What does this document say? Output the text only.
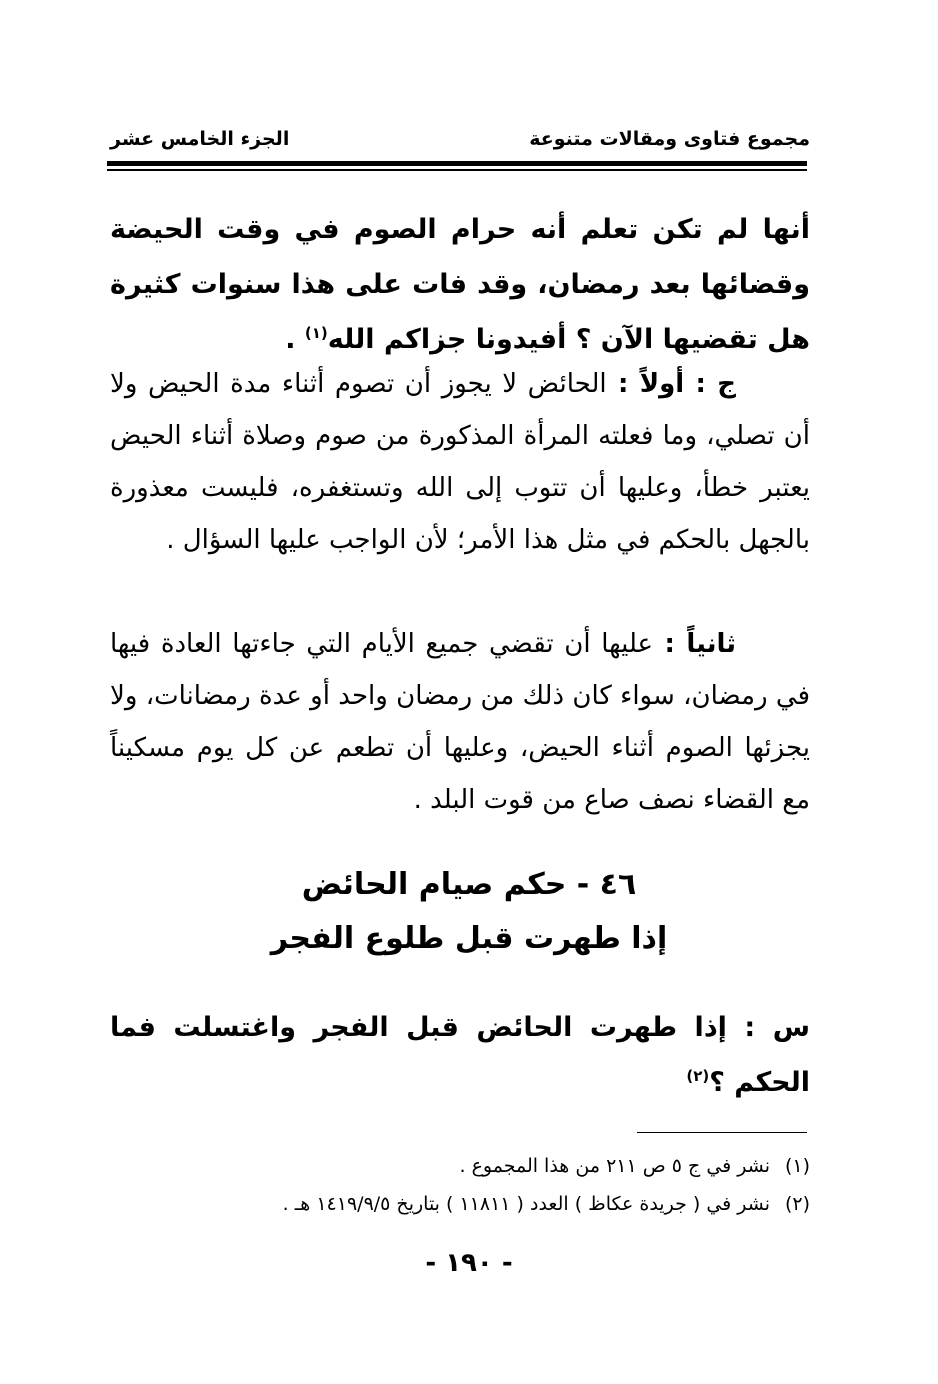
مجموع فتاوى ومقالات متنوعة
الجزء الخامس عشر
أنها لم تكن تعلم أنه حرام الصوم في وقت الحيضة وقضائها بعد رمضان، وقد فات على هذا سنوات كثيرة هل تقضيها الآن ؟ أفيدونا جزاكم الله$^{(١)}$ .
ج : أولاً : الحائض لا يجوز أن تصوم أثناء مدة الحيض ولا أن تصلي، وما فعلته المرأة المذكورة من صوم وصلاة أثناء الحيض يعتبر خطأ، وعليها أن تتوب إلى الله وتستغفره، فليست معذورة بالجهل بالحكم في مثل هذا الأمر؛ لأن الواجب عليها السؤال .
ثانياً : عليها أن تقضي جميع الأيام التي جاءتها العادة فيها في رمضان، سواء كان ذلك من رمضان واحد أو عدة رمضانات، ولا يجزئها الصوم أثناء الحيض، وعليها أن تطعم عن كل يوم مسكيناً مع القضاء نصف صاع من قوت البلد .
٤٦ - حكم صيام الحائض
إذا طهرت قبل طلوع الفجر
س : إذا طهرت الحائض قبل الفجر واغتسلت فما الحكم ؟$^{(٢)}$
(١)نشر في ج ٥ ص ٢١١ من هذا المجموع .
(٢)نشر في ( جريدة عكاظ ) العدد ( ١١٨١١ ) بتاريخ ١٤١٩/٩/٥ هـ .
- ١٩٠ -
